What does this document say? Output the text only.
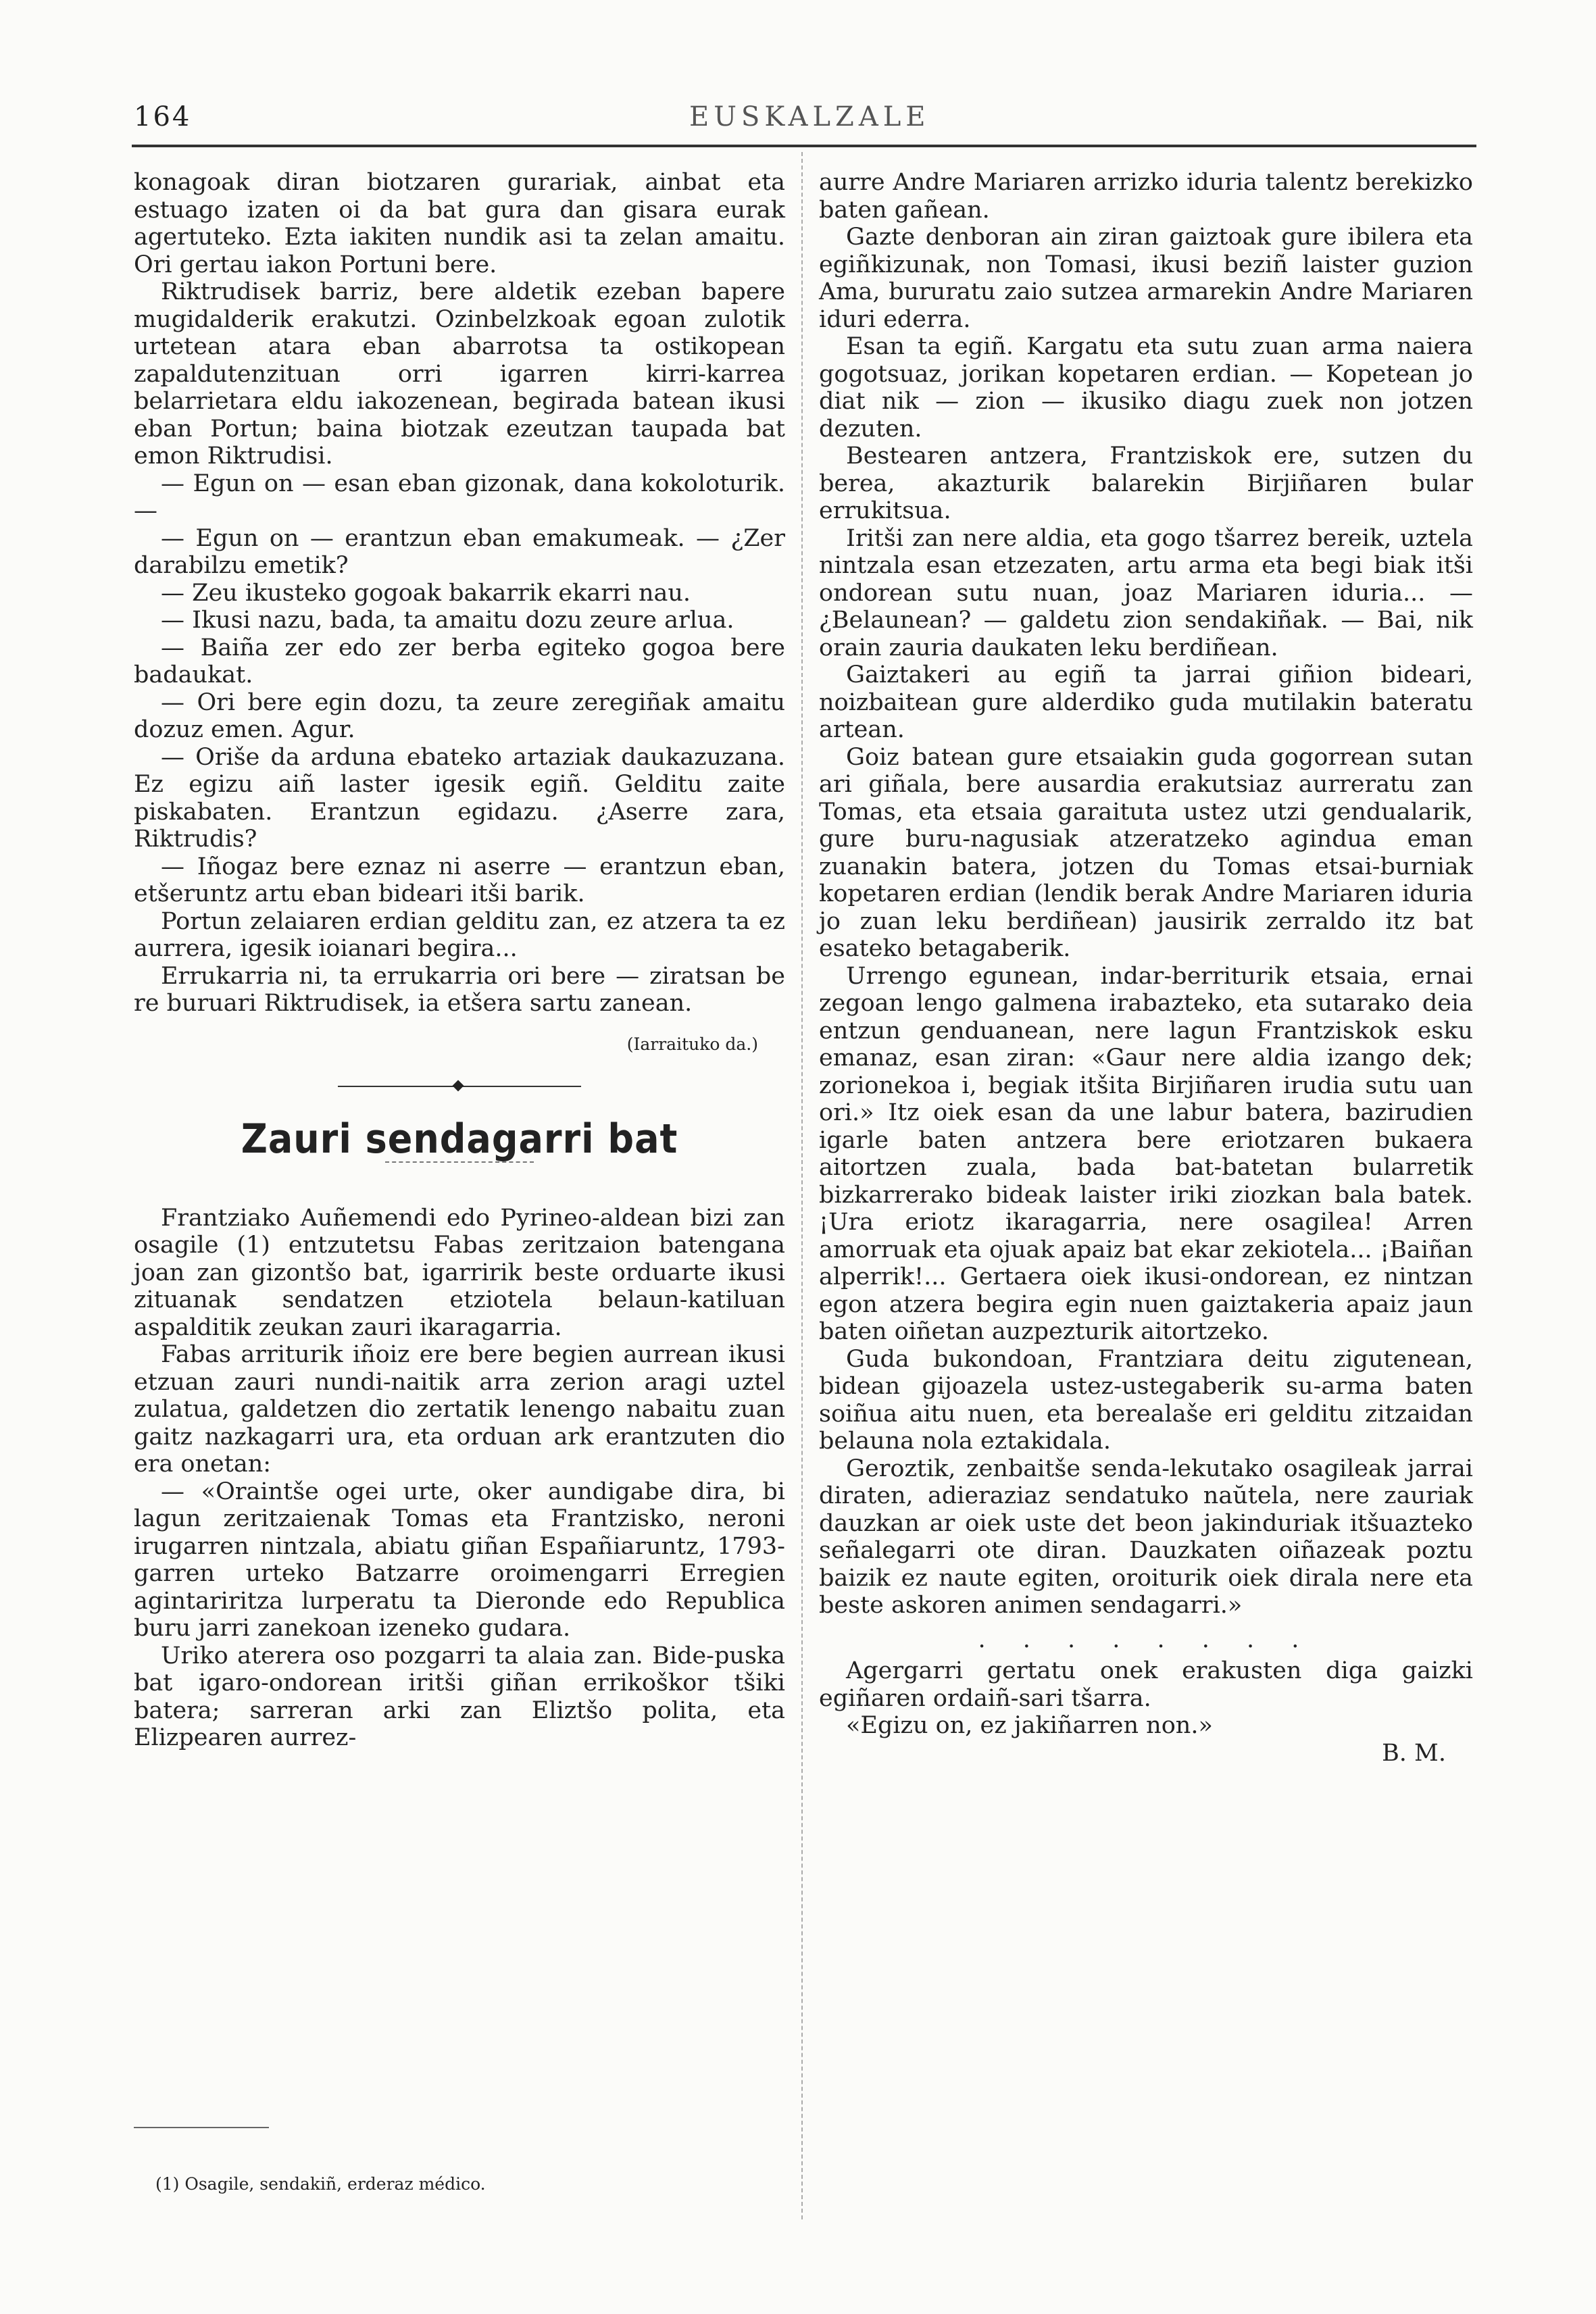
164	EUSKALZALE

konagoak diran biotzaren gurariak, ainbat eta estuago izaten oi da bat gura dan gisara eurak agertuteko. Ezta iakiten nundik asi ta zelan amaitu. Ori gertau iakon Portuni bere.

Riktrudisek barriz, bere aldetik ezeban bapere mugidalderik erakutzi. Ozinbelzkoak egoan zulotik urtetean atara eban abarrotsa ta ostikopean zapaldutenzituan orri igarren kirri-karrea belarrietara eldu iakozenean, begirada batean ikusi eban Portun; baina biotzak ezeutzan taupada bat emon Riktrudisi.

— Egun on — esan eban gizonak, dana kokoloturik. —

— Egun on — erantzun eban emakumeak. — ¿Zer darabilzu emetik?

— Zeu ikusteko gogoak bakarrik ekarri nau.

— Ikusi nazu, bada, ta amaitu dozu zeure arlua.

— Baiña zer edo zer berba egiteko gogoa bere badaukat.

— Ori bere egin dozu, ta zeure zeregiñak amaitu dozuz emen. Agur.

— Oriše da arduna ebateko artaziak daukazuzana. Ez egizu aiñ laster igesik egiñ. Gelditu zaite piskabaten. Erantzun egidazu. ¿Aserre zara, Riktrudis?

— Iñogaz bere eznaz ni aserre — erantzun eban, etšeruntz artu eban bideari itši barik.

Portun zelaiaren erdian gelditu zan, ez atzera ta ez aurrera, igesik ioianari begira...

Errukarria ni, ta errukarria ori bere — ziratsan be re buruari Riktrudisek, ia etšera sartu zanean.

(Iarraituko da.)
Zauri sendagarri bat

Frantziako Auñemendi edo Pyrineo-aldean bizi zan osagile (1) entzutetsu Fabas zeritzaion batengana joan zan gizontšo bat, igarririk beste orduarte ikusi zituanak sendatzen etziotela belaun-katiluan aspalditik zeukan zauri ikaragarria.

Fabas arriturik iñoiz ere bere begien aurrean ikusi etzuan zauri nundi-naitik arra zerion aragi uztel zulatua, galdetzen dio zertatik lenengo nabaitu zuan gaitz nazkagarri ura, eta orduan ark erantzuten dio era onetan:

— «Oraintše ogei urte, oker aundigabe dira, bi lagun zeritzaienak Tomas eta Frantzisko, neroni irugarren nintzala, abiatu giñan Españiaruntz, 1793-garren urteko Batzarre oroimengarri Erregien agintariritza lurperatu ta Dieronde edo Republica buru jarri zanekoan izeneko gudara.

Uriko aterera oso pozgarri ta alaia zan. Bide-puska bat igaro-ondorean iritši giñan errikoškor tšiki batera; sarreran arki zan Eliztšo polita, eta Elizpearen aurrez-

aurre Andre Mariaren arrizko iduria talentz berekizko baten gañean.

Gazte denboran ain ziran gaiztoak gure ibilera eta egiñkizunak, non Tomasi, ikusi beziñ laister guzion Ama, bururatu zaio sutzea armarekin Andre Mariaren iduri ederra.

Esan ta egiñ. Kargatu eta sutu zuan arma naiera gogotsuaz, jorikan kopetaren erdian. — Kopetean jo diat nik — zion — ikusiko diagu zuek non jotzen dezuten.

Bestearen antzera, Frantziskok ere, sutzen du berea, akazturik balarekin Birjiñaren bular errukitsua.

Iritši zan nere aldia, eta gogo tšarrez bereik, uztela nintzala esan etzezaten, artu arma eta begi biak itši ondorean sutu nuan, joaz Mariaren iduria... — ¿Belaunean? — galdetu zion sendakiñak. — Bai, nik orain zauria daukaten leku berdiñean.

Gaiztakeri au egiñ ta jarrai giñion bideari, noizbaitean gure alderdiko guda mutilakin bateratu artean.

Goiz batean gure etsaiakin guda gogorrean sutan ari giñala, bere ausardia erakutsiaz aurreratu zan Tomas, eta etsaia garaituta ustez utzi gendualarik, gure buru-nagusiak atzeratzeko agindua eman zuanakin batera, jotzen du Tomas etsai-burniak kopetaren erdian (lendik berak Andre Mariaren iduria jo zuan leku berdiñean) jausirik zerraldo itz bat esateko betagaberik.

Urrengo egunean, indar-berriturik etsaia, ernai zegoan lengo galmena irabazteko, eta sutarako deia entzun genduanean, nere lagun Frantziskok esku emanaz, esan ziran: «Gaur nere aldia izango dek; zorionekoa i, begiak itšita Birjiñaren irudia sutu uan ori.» Itz oiek esan da une labur batera, bazirudien igarle baten antzera bere eriotzaren bukaera aitortzen zuala, bada bat-batetan bularretik bizkarrerako bideak laister iriki ziozkan bala batek. ¡Ura eriotz ikaragarria, nere osagilea! Arren amorruak eta ojuak apaiz bat ekar zekiotela... ¡Baiñan alperrik!... Gertaera oiek ikusi-ondorean, ez nintzan egon atzera begira egin nuen gaiztakeria apaiz jaun baten oiñetan auzpezturik aitortzeko.

Guda bukondoan, Frantziara deitu zigutenean, bidean gijoazela ustez-ustegaberik su-arma baten soiñua aitu nuen, eta berealaše eri gelditu zitzaidan belauna nola eztakidala.

Geroztik, zenbaitše senda-lekutako osagileak jarrai diraten, adieraziaz sendatuko naŭtela, nere zauriak dauzkan ar oiek uste det beon jakinduriak itšuazteko señalegarri ote diran. Dauzkaten oiñazeak poztu baizik ez naute egiten, oroiturik oiek dirala nere eta beste askoren animen sendagarri.»

. . . . . . . .

Agergarri gertatu onek erakusten diga gaizki egiñaren ordaiñ-sari tšarra.

«Egizu on, ez jakiñarren non.»

B. M.
(1) Osagile, sendakiñ, erderaz médico.
